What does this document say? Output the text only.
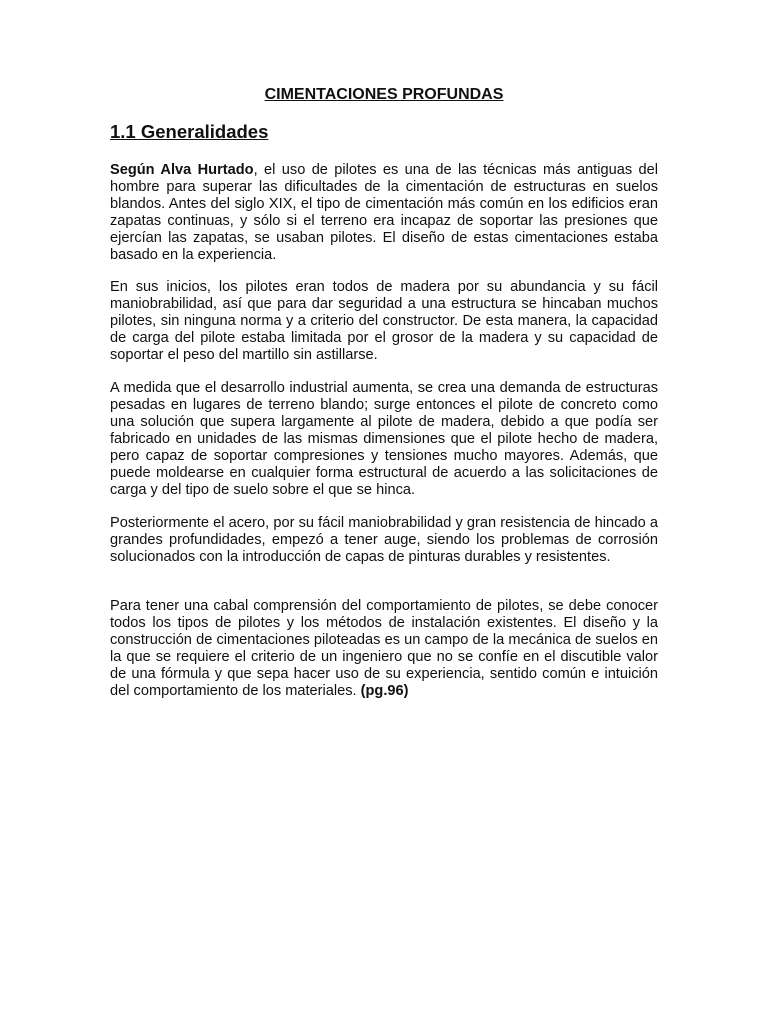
CIMENTACIONES PROFUNDAS
1.1 Generalidades

Según Alva Hurtado, el uso de pilotes es una de las técnicas más antiguas del hombre para superar las dificultades de la cimentación de estructuras en suelos blandos. Antes del siglo XIX, el tipo de cimentación más común en los edificios eran zapatas continuas, y sólo si el terreno era incapaz de soportar las presiones que ejercían las zapatas, se usaban pilotes. El diseño de estas cimentaciones estaba basado en la experiencia.

En sus inicios, los pilotes eran todos de madera por su abundancia y su fácil maniobrabilidad, así que para dar seguridad a una estructura se hincaban muchos pilotes, sin ninguna norma y a criterio del constructor. De esta manera, la capacidad de carga del pilote estaba limitada por el grosor de la madera y su capacidad de soportar el peso del martillo sin astillarse.

A medida que el desarrollo industrial aumenta, se crea una demanda de estructuras pesadas en lugares de terreno blando; surge entonces el pilote de concreto como una solución que supera largamente al pilote de madera, debido a que podía ser fabricado en unidades de las mismas dimensiones que el pilote hecho de madera, pero capaz de soportar compresiones y tensiones mucho mayores. Además, que puede moldearse en cualquier forma estructural de acuerdo a las solicitaciones de carga y del tipo de suelo sobre el que se hinca.

Posteriormente el acero, por su fácil maniobrabilidad y gran resistencia de hincado a grandes profundidades, empezó a tener auge, siendo los problemas de corrosión solucionados con la introducción de capas de pinturas durables y resistentes.

Para tener una cabal comprensión del comportamiento de pilotes, se debe conocer todos los tipos de pilotes y los métodos de instalación existentes. El diseño y la construcción de cimentaciones piloteadas es un campo de la mecánica de suelos en la que se requiere el criterio de un ingeniero que no se confíe en el discutible valor de una fórmula y que sepa hacer uso de su experiencia, sentido común e intuición del comportamiento de los materiales. (pg.96)
